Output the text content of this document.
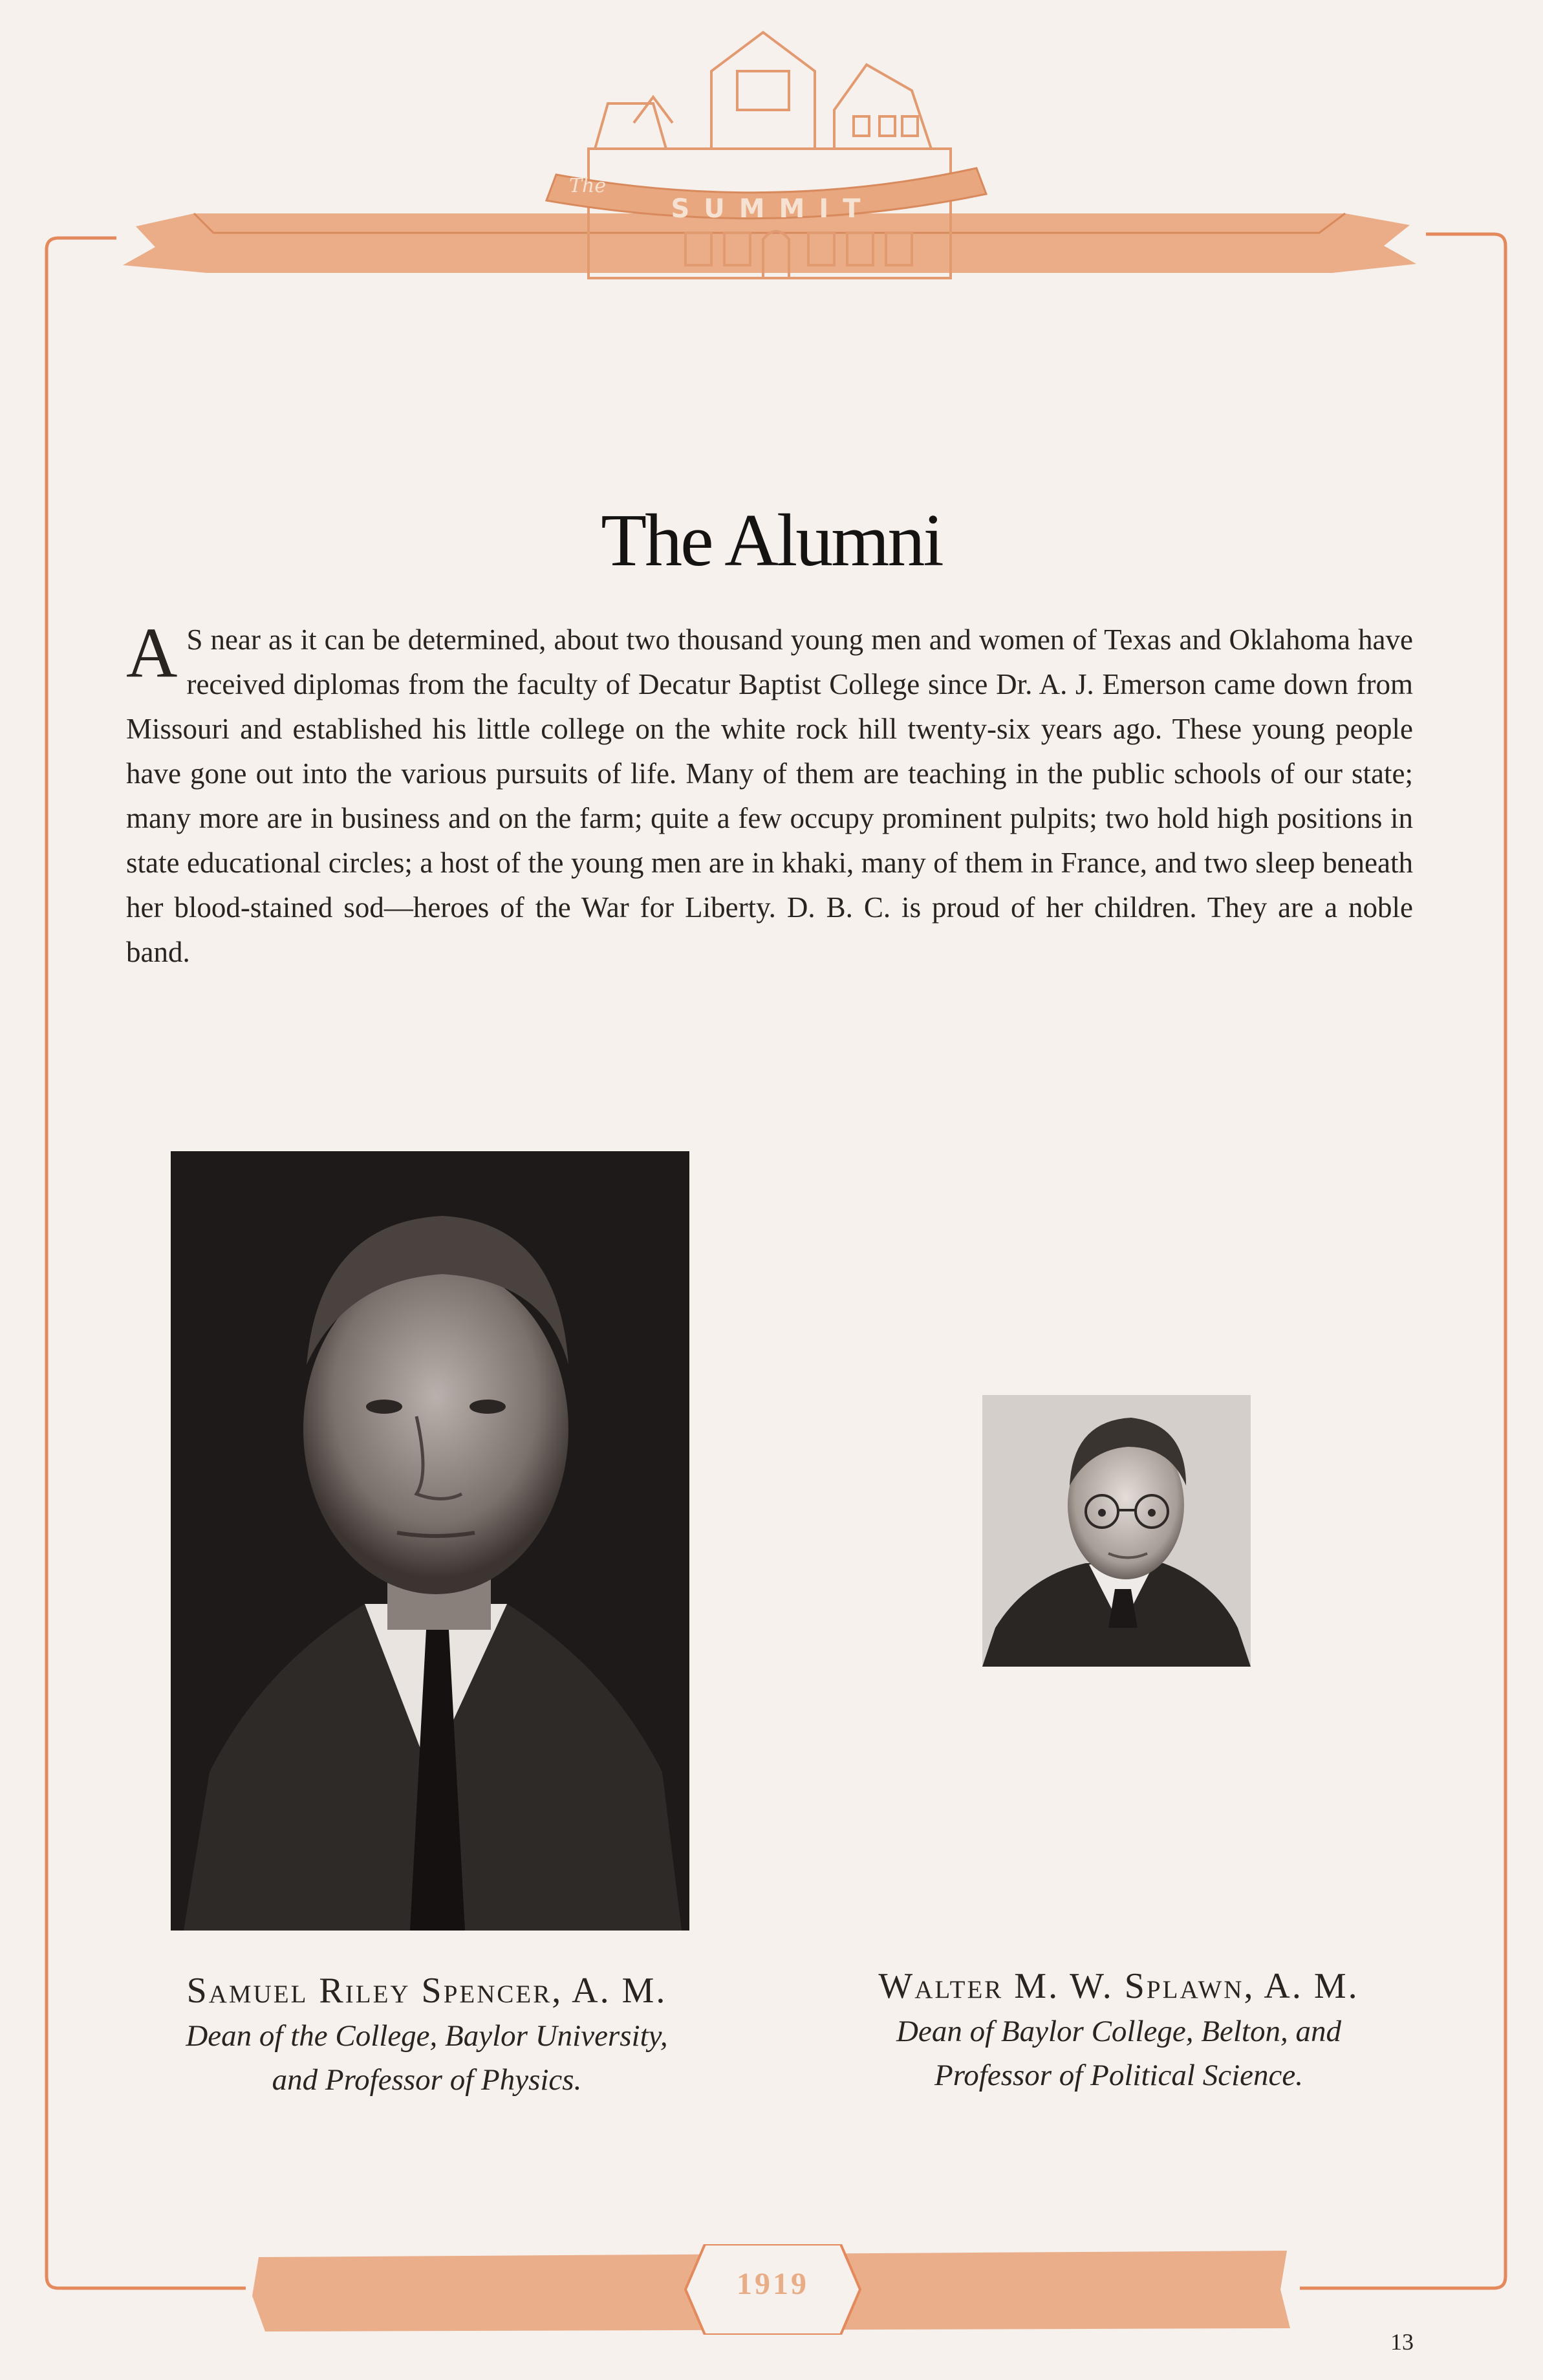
The
SUMMIT
The Alumni
A S near as it can be determined, about two thousand young men and women of Texas and Oklahoma have received diplomas from the faculty of Decatur Baptist College since Dr. A. J. Emerson came down from Missouri and established his little college on the white rock hill twenty-six years ago. These young people have gone out into the various pursuits of life. Many of them are teaching in the public schools of our state; many more are in business and on the farm; quite a few occupy prominent pulpits; two hold high positions in state educational circles; a host of the young men are in khaki, many of them in France, and two sleep beneath her blood-stained sod—heroes of the War for Liberty. D. B. C. is proud of her children. They are a noble band.
Samuel Riley Spencer, A. M.
Dean of the College, Baylor University,
and Professor of Physics.
Walter M. W. Splawn, A. M.
Dean of Baylor College, Belton, and
Professor of Political Science.
1919
13
